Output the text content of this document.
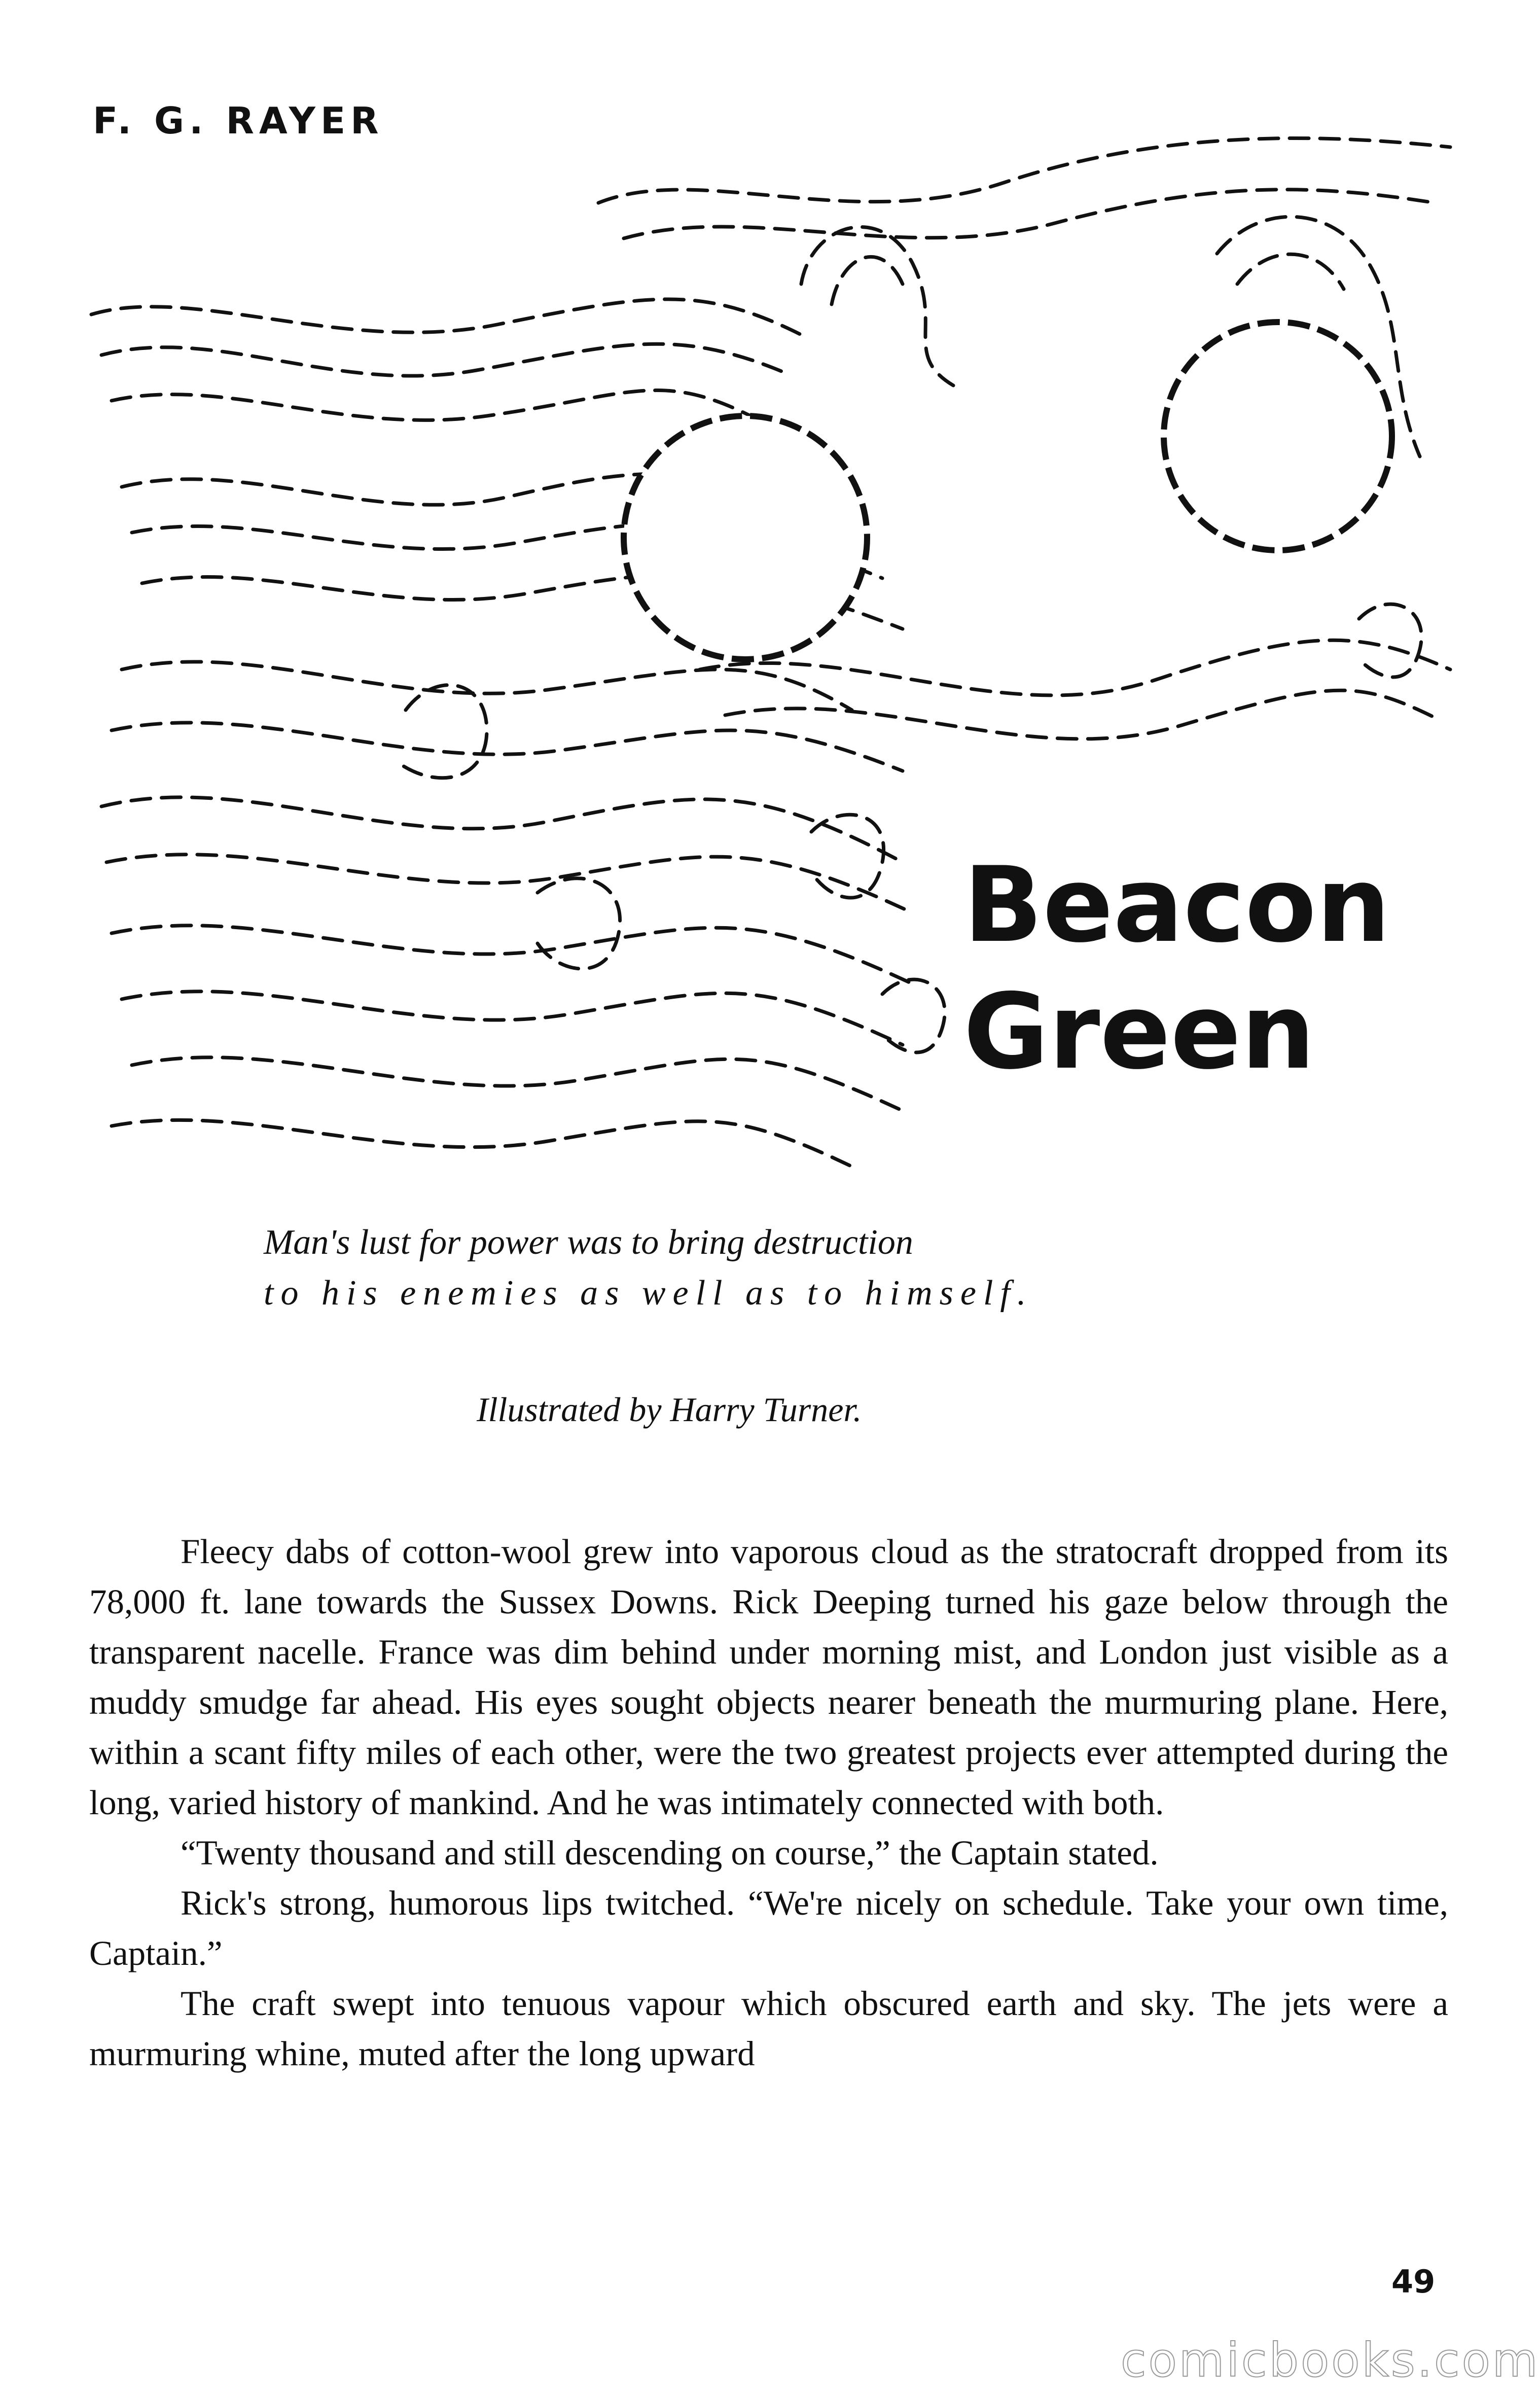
F. G. RAYER
Beacon
Green

Man's lust for power was to bring destruction
to his enemies as well as to himself.

Illustrated by Harry Turner.

Fleecy dabs of cotton-wool grew into vaporous cloud as the stratocraft dropped from its 78,000 ft. lane towards the Sussex Downs. Rick Deeping turned his gaze below through the transparent nacelle. France was dim behind under morning mist, and London just visible as a muddy smudge far ahead. His eyes sought objects nearer beneath the murmuring plane. Here, within a scant fifty miles of each other, were the two greatest projects ever attempted during the long, varied history of mankind. And he was intimately connected with both.

“Twenty thousand and still descending on course,” the Captain stated.

Rick's strong, humorous lips twitched. “We're nicely on schedule. Take your own time, Captain.”

The craft swept into tenuous vapour which obscured earth and sky. The jets were a murmuring whine, muted after the long upward

49

comicbooks.com
